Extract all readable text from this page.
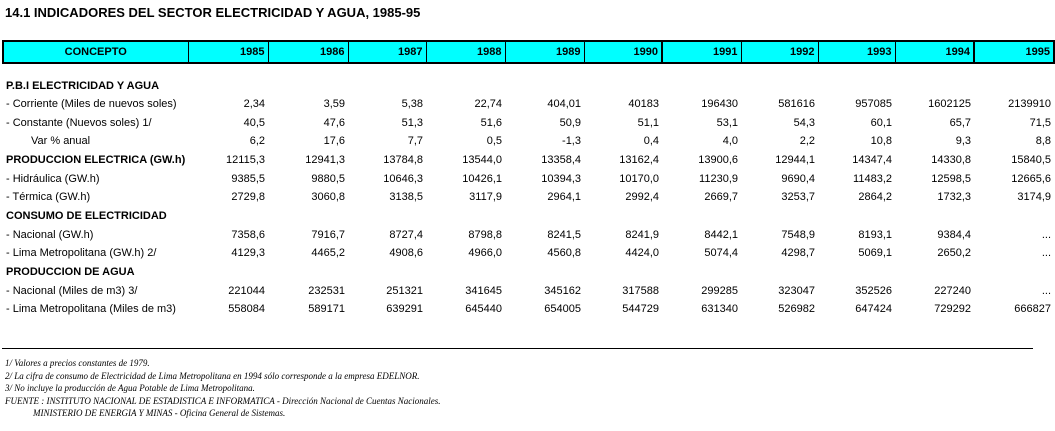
14.1 INDICADORES DEL SECTOR ELECTRICIDAD Y AGUA, 1985-95
CONCEPTO	1985	1986	1987	1988	1989	1990	1991	1992	1993	1994	1995

P.B.I ELECTRICIDAD Y AGUA											
- Corriente (Miles de nuevos soles)	2,34	3,59	5,38	22,74	404,01	40183	196430	581616	957085	1602125	2139910
- Constante (Nuevos soles) 1/	40,5	47,6	51,3	51,6	50,9	51,1	53,1	54,3	60,1	65,7	71,5
Var % anual	6,2	17,6	7,7	0,5	-1,3	0,4	4,0	2,2	10,8	9,3	8,8
PRODUCCION ELECTRICA (GW.h)	12115,3	12941,3	13784,8	13544,0	13358,4	13162,4	13900,6	12944,1	14347,4	14330,8	15840,5
- Hidráulica (GW.h)	9385,5	9880,5	10646,3	10426,1	10394,3	10170,0	11230,9	9690,4	11483,2	12598,5	12665,6
- Térmica (GW.h)	2729,8	3060,8	3138,5	3117,9	2964,1	2992,4	2669,7	3253,7	2864,2	1732,3	3174,9
CONSUMO DE ELECTRICIDAD											
- Nacional (GW.h)	7358,6	7916,7	8727,4	8798,8	8241,5	8241,9	8442,1	7548,9	8193,1	9384,4	...
- Lima Metropolitana (GW.h) 2/	4129,3	4465,2	4908,6	4966,0	4560,8	4424,0	5074,4	4298,7	5069,1	2650,2	...
PRODUCCION DE AGUA											
- Nacional (Miles de m3) 3/	221044	232531	251321	341645	345162	317588	299285	323047	352526	227240	...
- Lima Metropolitana (Miles de m3)	558084	589171	639291	645440	654005	544729	631340	526982	647424	729292	666827
1/ Valores a precios constantes de 1979.
2/ La cifra de consumo de Electricidad de Lima Metropolitana en 1994 sólo corresponde a la empresa EDELNOR.
3/ No incluye la producción de Agua Potable de Lima Metropolitana.
FUENTE : INSTITUTO NACIONAL DE ESTADISTICA E INFORMATICA - Dirección Nacional de Cuentas Nacionales.
MINISTERIO DE ENERGIA Y MINAS - Oficina General de Sistemas.
